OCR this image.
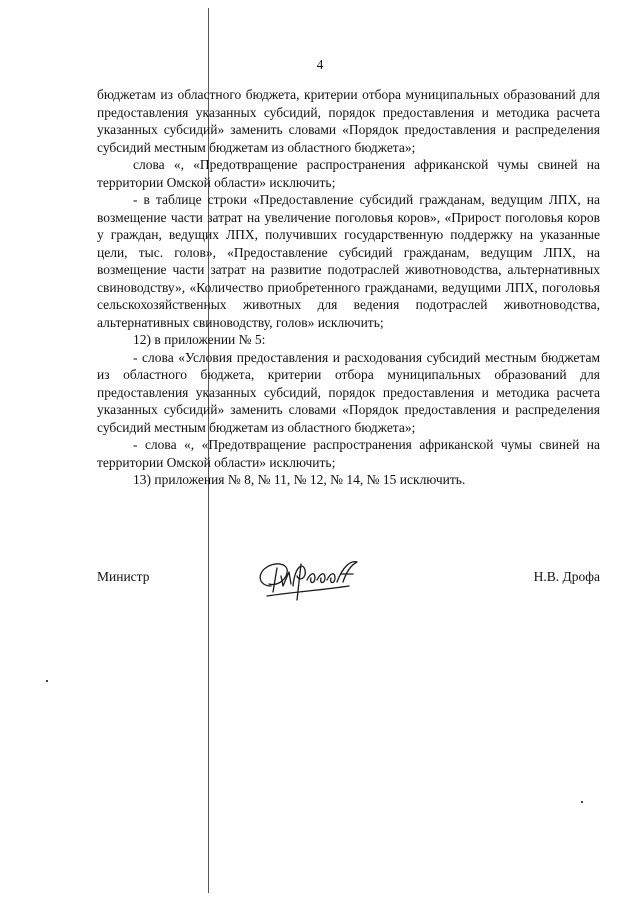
4

бюджетам из областного бюджета, критерии отбора муниципальных образований для предоставления указанных субсидий, порядок предоставления и методика расчета указанных субсидий» заменить словами «Порядок предоставления и распределения субсидий местным бюджетам из областного бюджета»;

слова «, «Предотвращение распространения африканской чумы свиней на территории Омской области» исключить;

- в таблице строки «Предоставление субсидий гражданам, ведущим ЛПХ, на возмещение части затрат на увеличение поголовья коров», «Прирост поголовья коров у граждан, ведущих ЛПХ, получивших государственную поддержку на указанные цели, тыс. голов», «Предоставление субсидий гражданам, ведущим ЛПХ, на возмещение части затрат на развитие подотраслей животноводства, альтернативных свиноводству», «Количество приобретенного гражданами, ведущими ЛПХ, поголовья сельскохозяйственных животных для ведения подотраслей животноводства, альтернативных свиноводству, голов» исключить;

12) в приложении № 5:

- слова «Условия предоставления и расходования субсидий местным бюджетам из областного бюджета, критерии отбора муниципальных образований для предоставления указанных субсидий, порядок предоставления и методика расчета указанных субсидий» заменить словами «Порядок предоставления и распределения субсидий местным бюджетам из областного бюджета»;

- слова «, «Предотвращение распространения африканской чумы свиней на территории Омской области» исключить;

13) приложения № 8, № 11, № 12, № 14, № 15 исключить.

Министр	Н.В. Дрофа
